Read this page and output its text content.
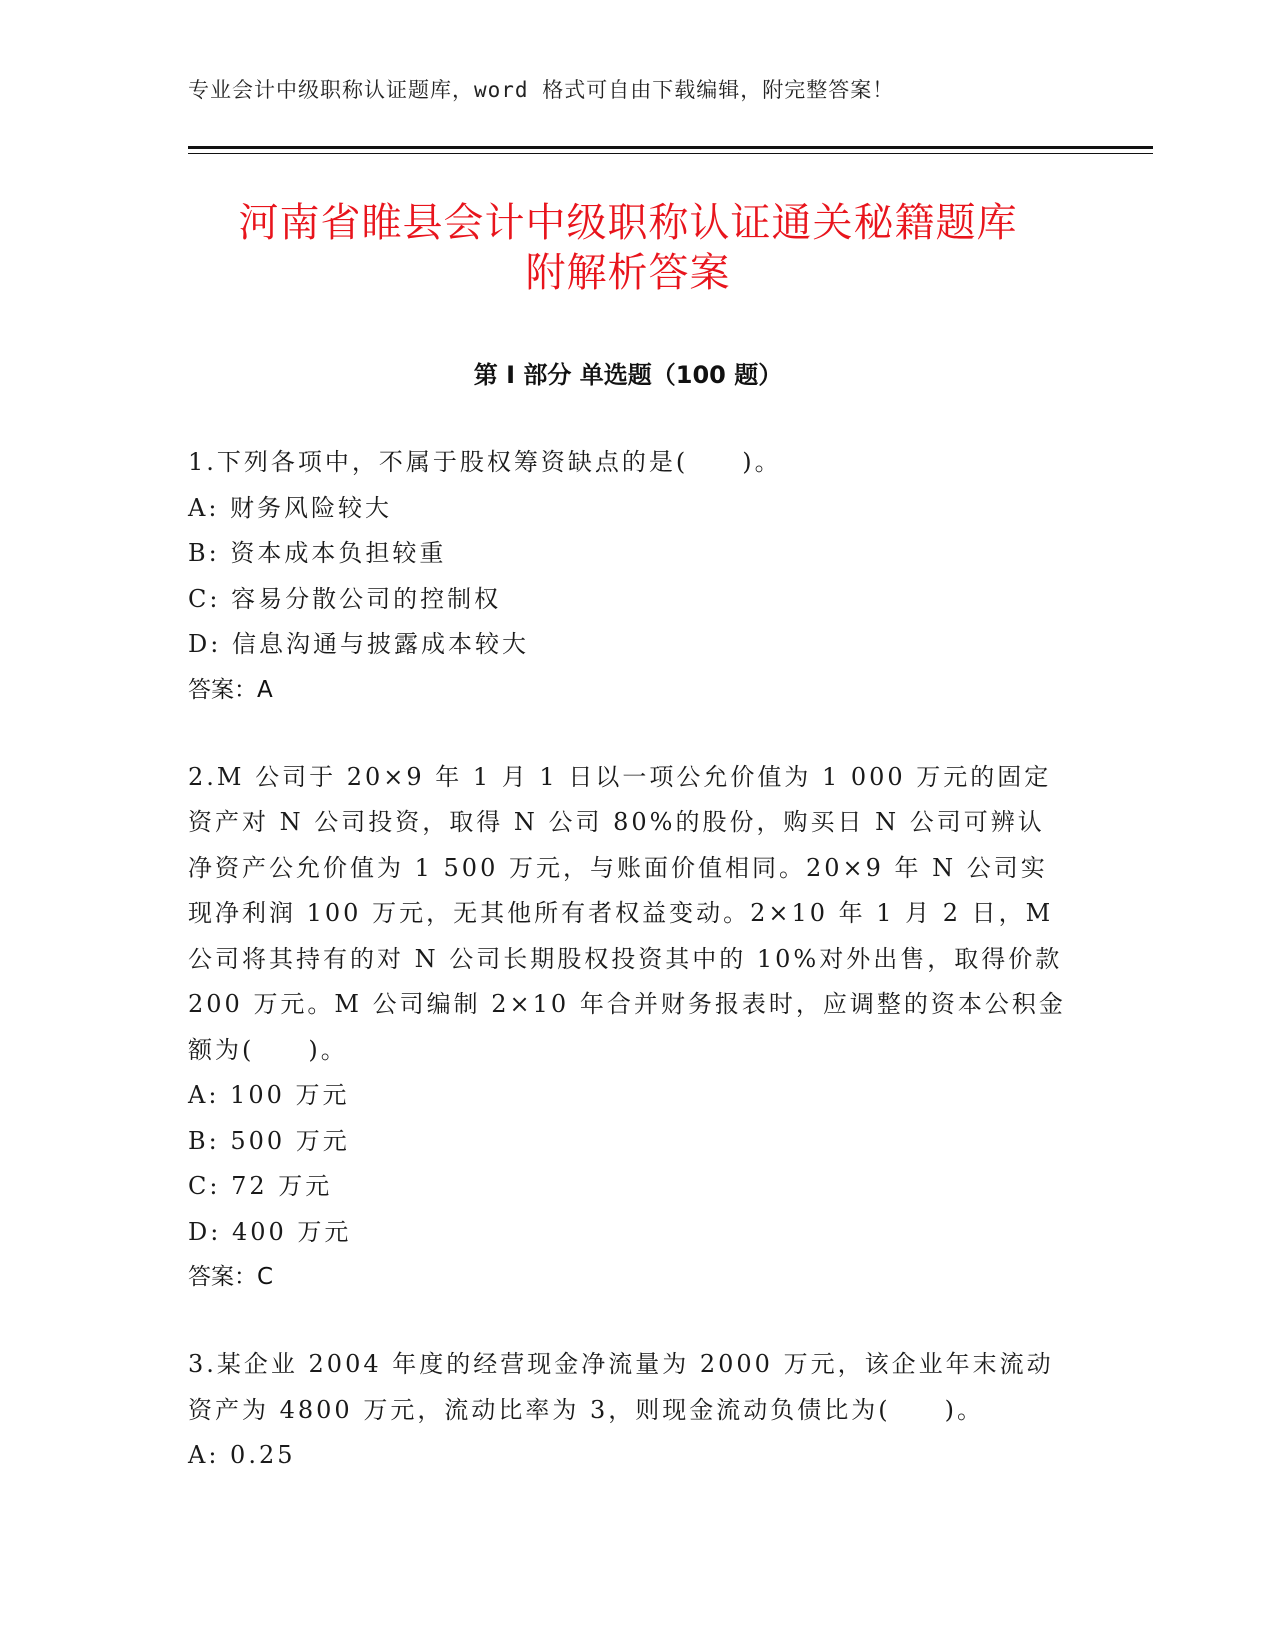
专业会计中级职称认证题库，word 格式可自由下载编辑，附完整答案！
河南省睢县会计中级职称认证通关秘籍题库
附解析答案
第 I 部分 单选题（100 题）

1.下列各项中，不属于股权筹资缺点的是(　　)。

A: 财务风险较大

B: 资本成本负担较重

C: 容易分散公司的控制权

D: 信息沟通与披露成本较大

答案：A

2.M 公司于 20×9 年 1 月 1 日以一项公允价值为 1 000 万元的固定资产对 N 公司投资，取得 N 公司 80%的股份，购买日 N 公司可辨认净资产公允价值为 1 500 万元，与账面价值相同。20×9 年 N 公司实现净利润 100 万元，无其他所有者权益变动。2×10 年 1 月 2 日，M 公司将其持有的对 N 公司长期股权投资其中的 10%对外出售，取得价款 200 万元。M 公司编制 2×10 年合并财务报表时，应调整的资本公积金额为(　　)。

A: 100 万元

B: 500 万元

C: 72 万元

D: 400 万元

答案：C

3.某企业 2004 年度的经营现金净流量为 2000 万元，该企业年末流动资产为 4800 万元，流动比率为 3，则现金流动负债比为(　　)。

A: 0.25
